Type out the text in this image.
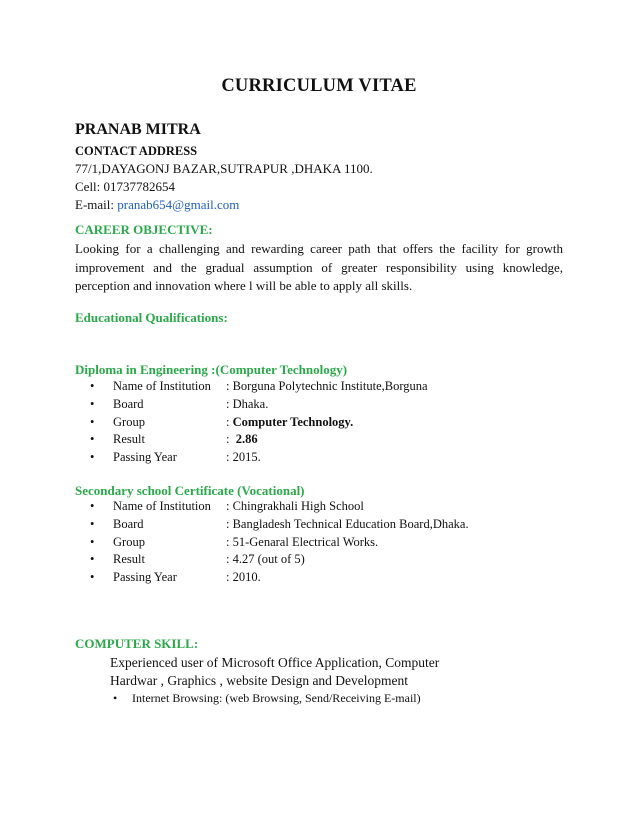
CURRICULUM VITAE
PRANAB MITRA
CONTACT ADDRESS
77/1,DAYAGONJ BAZAR,SUTRAPUR ,DHAKA 1100.
Cell: 01737782654
E-mail: pranab654@gmail.com
CAREER OBJECTIVE:
Looking for a challenging and rewarding career path that offers the facility for growth improvement and the gradual assumption of greater responsibility using knowledge, perception and innovation where l will be able to apply all skills.
Educational Qualifications:
Diploma in Engineering :(Computer Technology)
• Name of Institution : Borguna Polytechnic Institute,Borguna
• Board	: Dhaka.
• Group	: Computer Technology.
• Result	:  2.86
• Passing Year	: 2015.
Secondary school Certificate (Vocational)
• Name of Institution : Chingrakhali High School
• Board	: Bangladesh Technical Education Board,Dhaka.
• Group	: 51-Genaral Electrical Works.
• Result	: 4.27 (out of 5)
• Passing Year	: 2010.
COMPUTER SKILL:
Experienced user of Microsoft Office Application, Computer
Hardwar , Graphics , website Design and Development
• Internet Browsing: (web Browsing, Send/Receiving E-mail)
